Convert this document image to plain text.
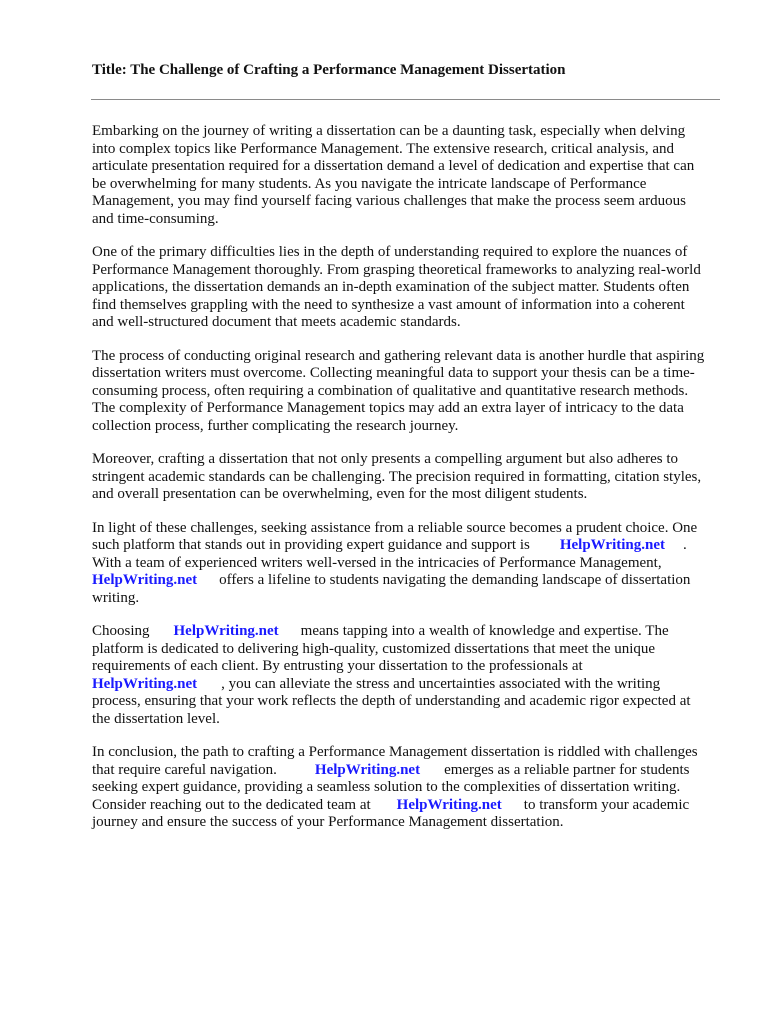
Title: The Challenge of Crafting a Performance Management Dissertation

Embarking on the journey of writing a dissertation can be a daunting task, especially when delving
into complex topics like Performance Management. The extensive research, critical analysis, and
articulate presentation required for a dissertation demand a level of dedication and expertise that can
be overwhelming for many students. As you navigate the intricate landscape of Performance
Management, you may find yourself facing various challenges that make the process seem arduous
and time-consuming.

One of the primary difficulties lies in the depth of understanding required to explore the nuances of
Performance Management thoroughly. From grasping theoretical frameworks to analyzing real-world
applications, the dissertation demands an in-depth examination of the subject matter. Students often
find themselves grappling with the need to synthesize a vast amount of information into a coherent
and well-structured document that meets academic standards.

The process of conducting original research and gathering relevant data is another hurdle that aspiring
dissertation writers must overcome. Collecting meaningful data to support your thesis can be a time-
consuming process, often requiring a combination of qualitative and quantitative research methods.
The complexity of Performance Management topics may add an extra layer of intricacy to the data
collection process, further complicating the research journey.

Moreover, crafting a dissertation that not only presents a compelling argument but also adheres to
stringent academic standards can be challenging. The precision required in formatting, citation styles,
and overall presentation can be overwhelming, even for the most diligent students.

In light of these challenges, seeking assistance from a reliable source becomes a prudent choice. One
such platform that stands out in providing expert guidance and support is HelpWriting.net .
With a team of experienced writers well-versed in the intricacies of Performance Management,
HelpWriting.net offers a lifeline to students navigating the demanding landscape of dissertation
writing.

Choosing HelpWriting.net means tapping into a wealth of knowledge and expertise. The
platform is dedicated to delivering high-quality, customized dissertations that meet the unique
requirements of each client. By entrusting your dissertation to the professionals at
HelpWriting.net , you can alleviate the stress and uncertainties associated with the writing
process, ensuring that your work reflects the depth of understanding and academic rigor expected at
the dissertation level.

In conclusion, the path to crafting a Performance Management dissertation is riddled with challenges
that require careful navigation.	HelpWriting.net emerges as a reliable partner for students
seeking expert guidance, providing a seamless solution to the complexities of dissertation writing.
Consider reaching out to the dedicated team at HelpWriting.net to transform your academic
journey and ensure the success of your Performance Management dissertation.
